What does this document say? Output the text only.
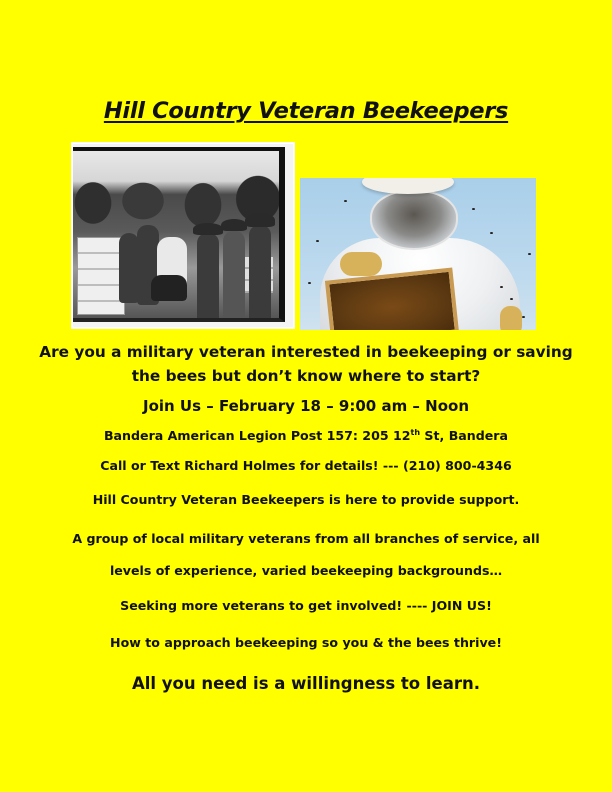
Hill Country Veteran Beekeepers
Are you a military veteran interested in beekeeping or saving
the bees but don’t know where to start?
Join Us – February 18 – 9:00 am – Noon
Bandera American Legion Post 157: 205 12th St, Bandera
Call or Text Richard Holmes for details! --- (210) 800-4346
Hill Country Veteran Beekeepers is here to provide support.
A group of local military veterans from all branches of service, all
levels of experience, varied beekeeping backgrounds…
Seeking more veterans to get involved! ---- JOIN US!
How to approach beekeeping so you & the bees thrive!
All you need is a willingness to learn.
